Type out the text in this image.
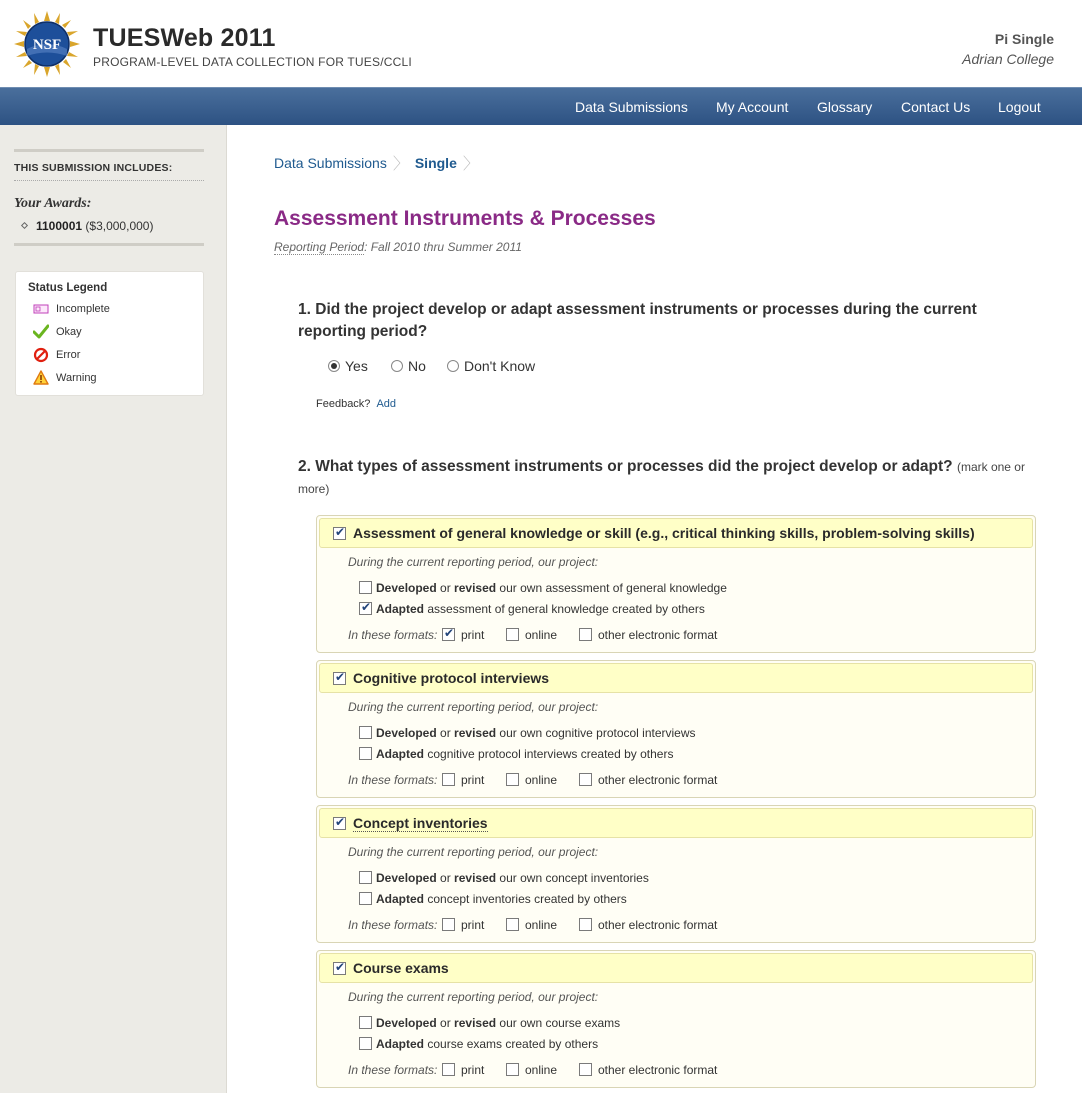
NSF TUESWeb 2011
PROGRAM-LEVEL DATA COLLECTION FOR TUES/CCLI
Pi Single
Adrian College
Data Submissions My Account Glossary Contact Us Logout
THIS SUBMISSION INCLUDES:
Your Awards:
1100001 ($3,000,000)
Status Legend
Incomplete
Okay
Error
Warning
Data Submissions 〉 Single 〉
Assessment Instruments & Processes
Reporting Period: Fall 2010 thru Summer 2011
1. Did the project develop or adapt assessment instruments or processes during the current reporting period?
Yes	No	Don't Know
Feedback? Add
2. What types of assessment instruments or processes did the project develop or adapt? (mark one or more)
✔
Assessment of general knowledge or skill (e.g., critical thinking skills, problem-solving skills)
During the current reporting period, our project:
Developed or revised our own assessment of general knowledge
✔Adapted assessment of general knowledge created by others
In these formats:
✔	print	online	other electronic format
✔
Cognitive protocol interviews
During the current reporting period, our project:
Developed or revised our own cognitive protocol interviews
Adapted cognitive protocol interviews created by others
In these formats:	print	online	other electronic format
✔
Concept inventories
During the current reporting period, our project:
Developed or revised our own concept inventories
Adapted concept inventories created by others
In these formats:	print	online	other electronic format
✔
Course exams
During the current reporting period, our project:
Developed or revised our own course exams
Adapted course exams created by others
In these formats:	print	online	other electronic format
